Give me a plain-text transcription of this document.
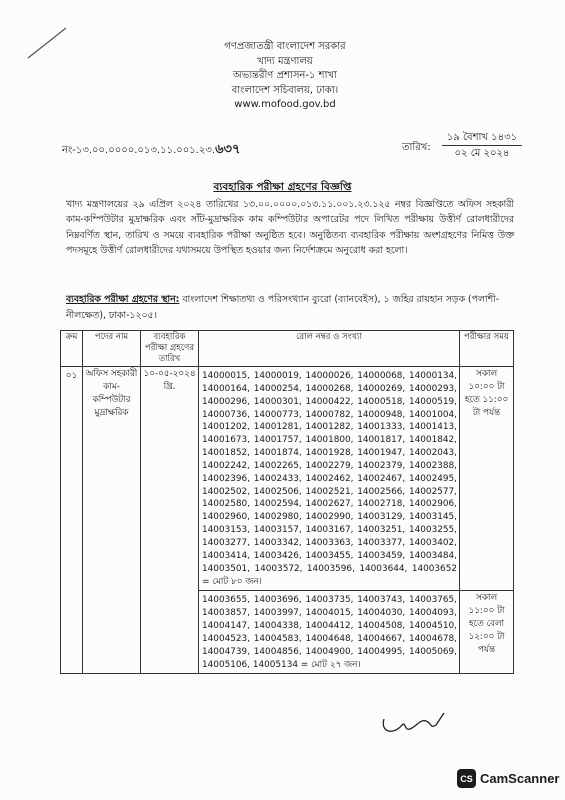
গণপ্রজাতন্ত্রী বাংলাদেশ সরকার
খাদ্য মন্ত্রণালয়
অভ্যন্তরীণ প্রশাসন-১ শাখা
বাংলাদেশ সচিবালয়, ঢাকা।
www.mofood.gov.bd
নং-১৩.০০.০০০০.০১৩.১১.০০১.২৩.৬৩৭	তারিখ:
১৯ বৈশাখ ১৪৩১
০২ মে ২০২৪
ব্যবহারিক পরীক্ষা গ্রহণের বিজ্ঞপ্তি
খাদ্য মন্ত্রণালয়ের ২৯ এপ্রিল ২০২৪ তারিখের ১৩.০০.০০০০.০১৩.১১.০০১.২৩.১২৫ নম্বর বিজ্ঞপ্তিতে অফিস সহকারী কাম-কম্পিউটার মুদ্রাক্ষরিক এবং সাঁট-মুদ্রাক্ষরিক কাম কম্পিউটার অপারেটর পদে লিখিত পরীক্ষায় উত্তীর্ণ রোলধারীদের নিম্নবর্ণিত স্থান, তারিখ ও সময়ে ব্যবহারিক পরীক্ষা অনুষ্ঠিত হবে। অনুষ্ঠিতব্য ব্যবহারিক পরীক্ষায় অংশগ্রহণের নিমিত্ত উক্ত পদসমূহে উত্তীর্ণ রোলধারীদের যথাসময়ে উপস্থিত হওয়ার জন্য নির্দেশক্রমে অনুরোধ করা হলো।
ব্যবহারিক পরীক্ষা গ্রহণের স্থান: বাংলাদেশ শিক্ষাতথ্য ও পরিসংখ্যান ব্যুরো (ব্যানবেইস), ১ জহির রায়হান সড়ক (পলাশী-নীলক্ষেত), ঢাকা-১২০৫।
ক্রম	পদের নাম	ব্যবহারিক পরীক্ষা গ্রহণের তারিখ	রোল নম্বর ও সংখ্যা	পরীক্ষার সময়
০১	অফিস সহকারী কাম-কম্পিউটার মুদ্রাক্ষরিক	১০-০৫-২০২৪ খ্রি.	14000015, 14000019, 14000026, 14000068, 14000134, 14000164, 14000254, 14000268, 14000269, 14000293, 14000296, 14000301, 14000422, 14000518, 14000519, 14000736, 14000773, 14000782, 14000948, 14001004, 14001202, 14001281, 14001282, 14001333, 14001413, 14001673, 14001757, 14001800, 14001817, 14001842, 14001852, 14001874, 14001928, 14001947, 14002043, 14002242, 14002265, 14002279, 14002379, 14002388, 14002396, 14002433, 14002462, 14002467, 14002495, 14002502, 14002506, 14002521, 14002566, 14002577, 14002580, 14002594, 14002627, 14002718, 14002906, 14002960, 14002980, 14002990, 14003129, 14003145, 14003153, 14003157, 14003167, 14003251, 14003255, 14003277, 14003342, 14003363, 14003377, 14003402, 14003414, 14003426, 14003455, 14003459, 14003484, 14003501, 14003572, 14003596, 14003644, 14003652 = মোট ৮০ জন।	সকাল ১০:০০ টা হতে ১১:০০ টা পর্যন্ত
			14003655, 14003696, 14003735, 14003743, 14003765, 14003857, 14003997, 14004015, 14004030, 14004093, 14004147, 14004338, 14004412, 14004508, 14004510, 14004523, 14004583, 14004648, 14004667, 14004678, 14004739, 14004856, 14004900, 14004995, 14005069, 14005106, 14005134 = মোট ২৭ জন।	সকাল ১১:০০ টা হতে বেলা ১২:০০ টা পর্যন্ত
CS CamScanner
